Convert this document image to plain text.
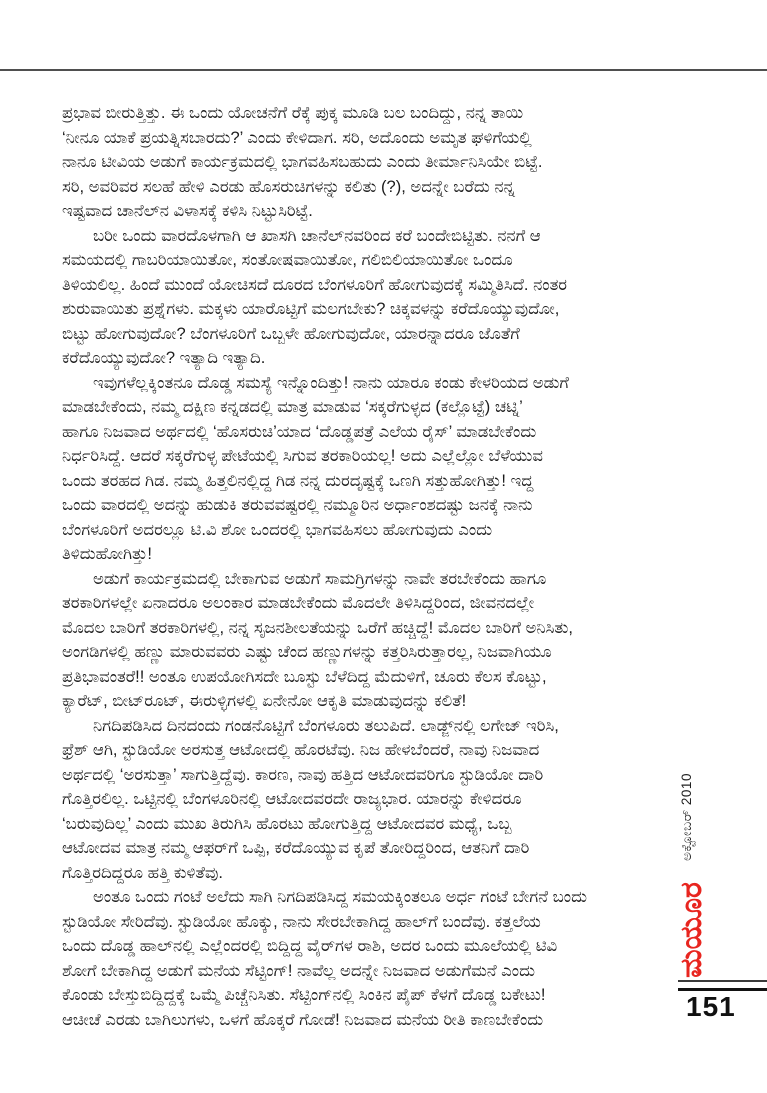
ಪ್ರಭಾವ ಬೀರುತ್ತಿತ್ತು. ಈ ಒಂದು ಯೋಚನೆಗೆ ರೆಕ್ಕೆ ಪುಕ್ಕ ಮೂಡಿ ಬಲ ಬಂದಿದ್ದು, ನನ್ನ ತಾಯಿ
‘ನೀನೂ ಯಾಕೆ ಪ್ರಯತ್ನಿಸಬಾರದು?’ ಎಂದು ಕೇಳಿದಾಗ. ಸರಿ, ಅದೊಂದು ಅಮೃತ ಘಳಿಗೆಯಲ್ಲಿ
ನಾನೂ ಟೀವಿಯ ಅಡುಗೆ ಕಾರ್ಯಕ್ರಮದಲ್ಲಿ ಭಾಗವಹಿಸಬಹುದು ಎಂದು ತೀರ್ಮಾನಿಸಿಯೇ ಬಿಟ್ಟೆ.
ಸರಿ, ಅವರಿವರ ಸಲಹೆ ಹೇಳಿ ಎರಡು ಹೊಸರುಚಿಗಳನ್ನು ಕಲಿತು (?), ಅದನ್ನೇ ಬರೆದು ನನ್ನ
ಇಷ್ಟವಾದ ಚಾನೆಲ್‌ನ ವಿಳಾಸಕ್ಕೆ ಕಳಿಸಿ ನಿಟ್ಟುಸಿರಿಟ್ಟೆ.
ಬರೀ ಒಂದು ವಾರದೊಳಗಾಗಿ ಆ ಖಾಸಗಿ ಚಾನೆಲ್‌ನವರಿಂದ ಕರೆ ಬಂದೇಬಿಟ್ಟಿತು. ನನಗೆ ಆ
ಸಮಯದಲ್ಲಿ ಗಾಬರಿಯಾಯಿತೋ, ಸಂತೋಷವಾಯಿತೋ, ಗಲಿಬಿಲಿಯಾಯಿತೋ ಒಂದೂ
ತಿಳಿಯಲಿಲ್ಲ. ಹಿಂದೆ ಮುಂದೆ ಯೋಚಿಸದೆ ದೂರದ ಬೆಂಗಳೂರಿಗೆ ಹೋಗುವುದಕ್ಕೆ ಸಮ್ಮಿತಿಸಿದೆ. ನಂತರ
ಶುರುವಾಯಿತು ಪ್ರಶ್ನೆಗಳು. ಮಕ್ಕಳು ಯಾರೊಟ್ಟಿಗೆ ಮಲಗಬೇಕು? ಚಿಕ್ಕವಳನ್ನು ಕರೆದೊಯ್ಯುವುದೋ,
ಬಿಟ್ಟು ಹೋಗುವುದೋ? ಬೆಂಗಳೂರಿಗೆ ಒಬ್ಬಳೇ ಹೋಗುವುದೋ, ಯಾರನ್ನಾದರೂ ಜೊತೆಗೆ
ಕರೆದೊಯ್ಯುವುದೋ? ಇತ್ಯಾದಿ ಇತ್ಯಾದಿ.
ಇವುಗಳೆಲ್ಲಕ್ಕಿಂತನೂ ದೊಡ್ಡ ಸಮಸ್ಯೆ ಇನ್ನೊಂದಿತ್ತು! ನಾನು ಯಾರೂ ಕಂಡು ಕೇಳರಿಯದ ಅಡುಗೆ
ಮಾಡಬೇಕೆಂದು, ನಮ್ಮ ದಕ್ಷಿಣ ಕನ್ನಡದಲ್ಲಿ ಮಾತ್ರ ಮಾಡುವ ‘ಸಕ್ಕರೆಗುಳ್ಳದ (ಕಲ್ಲೊಟ್ಟೆ) ಚಟ್ನಿ’
ಹಾಗೂ ನಿಜವಾದ ಅರ್ಥದಲ್ಲಿ ‘ಹೊಸರುಚಿ’ಯಾದ ‘ದೊಡ್ಡಪತ್ರೆ ಎಲೆಯ ರೈಸ್’ ಮಾಡಬೇಕೆಂದು
ನಿರ್ಧರಿಸಿದ್ದೆ. ಆದರೆ ಸಕ್ಕರೆಗುಳ್ಳ ಪೇಟೆಯಲ್ಲಿ ಸಿಗುವ ತರಕಾರಿಯಲ್ಲ! ಅದು ಎಲ್ಲೆಲ್ಲೋ ಬೆಳೆಯುವ
ಒಂದು ತರಹದ ಗಿಡ. ನಮ್ಮ ಹಿತ್ತಲಿನಲ್ಲಿದ್ದ ಗಿಡ ನನ್ನ ದುರದೃಷ್ಟಕ್ಕೆ ಒಣಗಿ ಸತ್ತುಹೋಗಿತ್ತು! ಇದ್ದ
ಒಂದು ವಾರದಲ್ಲಿ ಅದನ್ನು ಹುಡುಕಿ ತರುವವಷ್ಟರಲ್ಲಿ ನಮ್ಮೂರಿನ ಅರ್ಧಾಂಶದಷ್ಟು ಜನಕ್ಕೆ ನಾನು
ಬೆಂಗಳೂರಿಗೆ ಅದರಲ್ಲೂ ಟಿ.ವಿ ಶೋ ಒಂದರಲ್ಲಿ ಭಾಗವಹಿಸಲು ಹೋಗುವುದು ಎಂದು
ತಿಳಿದುಹೋಗಿತ್ತು!
ಅಡುಗೆ ಕಾರ್ಯಕ್ರಮದಲ್ಲಿ ಬೇಕಾಗುವ ಅಡುಗೆ ಸಾಮಗ್ರಿಗಳನ್ನು ನಾವೇ ತರಬೇಕೆಂದು ಹಾಗೂ
ತರಕಾರಿಗಳಲ್ಲೇ ಏನಾದರೂ ಅಲಂಕಾರ ಮಾಡಬೇಕೆಂದು ಮೊದಲೇ ತಿಳಿಸಿದ್ದರಿಂದ, ಜೀವನದಲ್ಲೇ
ಮೊದಲ ಬಾರಿಗೆ ತರಕಾರಿಗಳಲ್ಲಿ, ನನ್ನ ಸೃಜನಶೀಲತೆಯನ್ನು ಒರೆಗೆ ಹಚ್ಚಿದ್ದೆ! ಮೊದಲ ಬಾರಿಗೆ ಅನಿಸಿತು,
ಅಂಗಡಿಗಳಲ್ಲಿ ಹಣ್ಣು ಮಾರುವವರು ಎಷ್ಟು ಚೆಂದ ಹಣ್ಣುಗಳನ್ನು ಕತ್ತರಿಸಿರುತ್ತಾರಲ್ಲ, ನಿಜವಾಗಿಯೂ
ಪ್ರತಿಭಾವಂತರೆ!! ಅಂತೂ ಉಪಯೋಗಿಸದೇ ಬೂಸ್ಟು ಬೆಳೆದಿದ್ದ ಮೆದುಳಿಗೆ, ಚೂರು ಕೆಲಸ ಕೊಟ್ಟು,
ಕ್ಯಾರೆಟ್, ಬೀಟ್‌ರೂಟ್, ಈರುಳ್ಳಿಗಳಲ್ಲಿ ಏನೇನೋ ಆಕೃತಿ ಮಾಡುವುದನ್ನು ಕಲಿತೆ!
ನಿಗದಿಪಡಿಸಿದ ದಿನದಂದು ಗಂಡನೊಟ್ಟಿಗೆ ಬೆಂಗಳೂರು ತಲುಪಿದೆ. ಲಾಡ್ಜ್‌ನಲ್ಲಿ ಲಗೇಜ್ ಇರಿಸಿ,
ಫ್ರೆಶ್ ಆಗಿ, ಸ್ಟುಡಿಯೋ ಅರಸುತ್ತ ಆಟೋದಲ್ಲಿ ಹೊರಟೆವು. ನಿಜ ಹೇಳಬೆಂದರೆ, ನಾವು ನಿಜವಾದ
ಅರ್ಥದಲ್ಲಿ ‘ಅರಸುತ್ತಾ’ ಸಾಗುತ್ತಿದ್ದೆವು. ಕಾರಣ, ನಾವು ಹತ್ತಿದ ಆಟೋದವರಿಗೂ ಸ್ಟುಡಿಯೋ ದಾರಿ
ಗೊತ್ತಿರಲಿಲ್ಲ. ಒಟ್ಟಿನಲ್ಲಿ ಬೆಂಗಳೂರಿನಲ್ಲಿ ಆಟೋದವರದೇ ರಾಜ್ಯಭಾರ. ಯಾರನ್ನು ಕೇಳಿದರೂ
‘ಬರುವುದಿಲ್ಲ’ ಎಂದು ಮುಖ ತಿರುಗಿಸಿ ಹೊರಟು ಹೋಗುತ್ತಿದ್ದ ಆಟೋದವರ ಮಧ್ಯೆ, ಒಬ್ಬ
ಆಟೋದವ ಮಾತ್ರ ನಮ್ಮ ಆಫರ್‌ಗೆ ಒಪ್ಪಿ, ಕರೆದೊಯ್ಯುವ ಕೃಪೆ ತೋರಿದ್ದರಿಂದ, ಆತನಿಗೆ ದಾರಿ
ಗೊತ್ತಿರದಿದ್ದರೂ ಹತ್ತಿ ಕುಳಿತೆವು.
ಅಂತೂ ಒಂದು ಗಂಟೆ ಅಲೆದು ಸಾಗಿ ನಿಗದಿಪಡಿಸಿದ್ದ ಸಮಯಕ್ಕಿಂತಲೂ ಅರ್ಧ ಗಂಟೆ ಬೇಗನೆ ಬಂದು
ಸ್ಟುಡಿಯೋ ಸೇರಿದೆವು. ಸ್ಟುಡಿಯೋ ಹೊಕ್ಕು, ನಾನು ಸೇರಬೇಕಾಗಿದ್ದ ಹಾಲ್‌ಗೆ ಬಂದೆವು. ಕತ್ತಲೆಯ
ಒಂದು ದೊಡ್ಡ ಹಾಲ್‌ನಲ್ಲಿ ಎಲ್ಲೆಂದರಲ್ಲಿ ಬಿದ್ದಿದ್ದ ವೈರ್‌ಗಳ ರಾಶಿ, ಅದರ ಒಂದು ಮೂಲೆಯಲ್ಲಿ ಟಿವಿ
ಶೋಗೆ ಬೇಕಾಗಿದ್ದ ಅಡುಗೆ ಮನೆಯ ಸೆಟ್ಟಿಂಗ್! ನಾವೆಲ್ಲ ಅದನ್ನೇ ನಿಜವಾದ ಅಡುಗೆಮನೆ ಎಂದು
ಕೊಂಡು ಬೇಸ್ತುಬಿದ್ದಿದ್ದಕ್ಕೆ ಒಮ್ಮೆ ಪಿಚ್ಚೆನಿಸಿತು. ಸೆಟ್ಟಿಂಗ್‌ನಲ್ಲಿ ಸಿಂಕಿನ ಪೈಪ್ ಕೆಳಗೆ ದೊಡ್ಡ ಬಕೇಟು!
ಆಚೀಚೆ ಎರಡು ಬಾಗಿಲುಗಳು, ಒಳಗೆ ಹೊಕ್ಕರೆ ಗೋಡೆ! ನಿಜವಾದ ಮನೆಯ ರೀತಿ ಕಾಣಬೇಕೆಂದು
ಅಕ್ಟೋಬರ್ 2010
ಮಯೂರ
151
